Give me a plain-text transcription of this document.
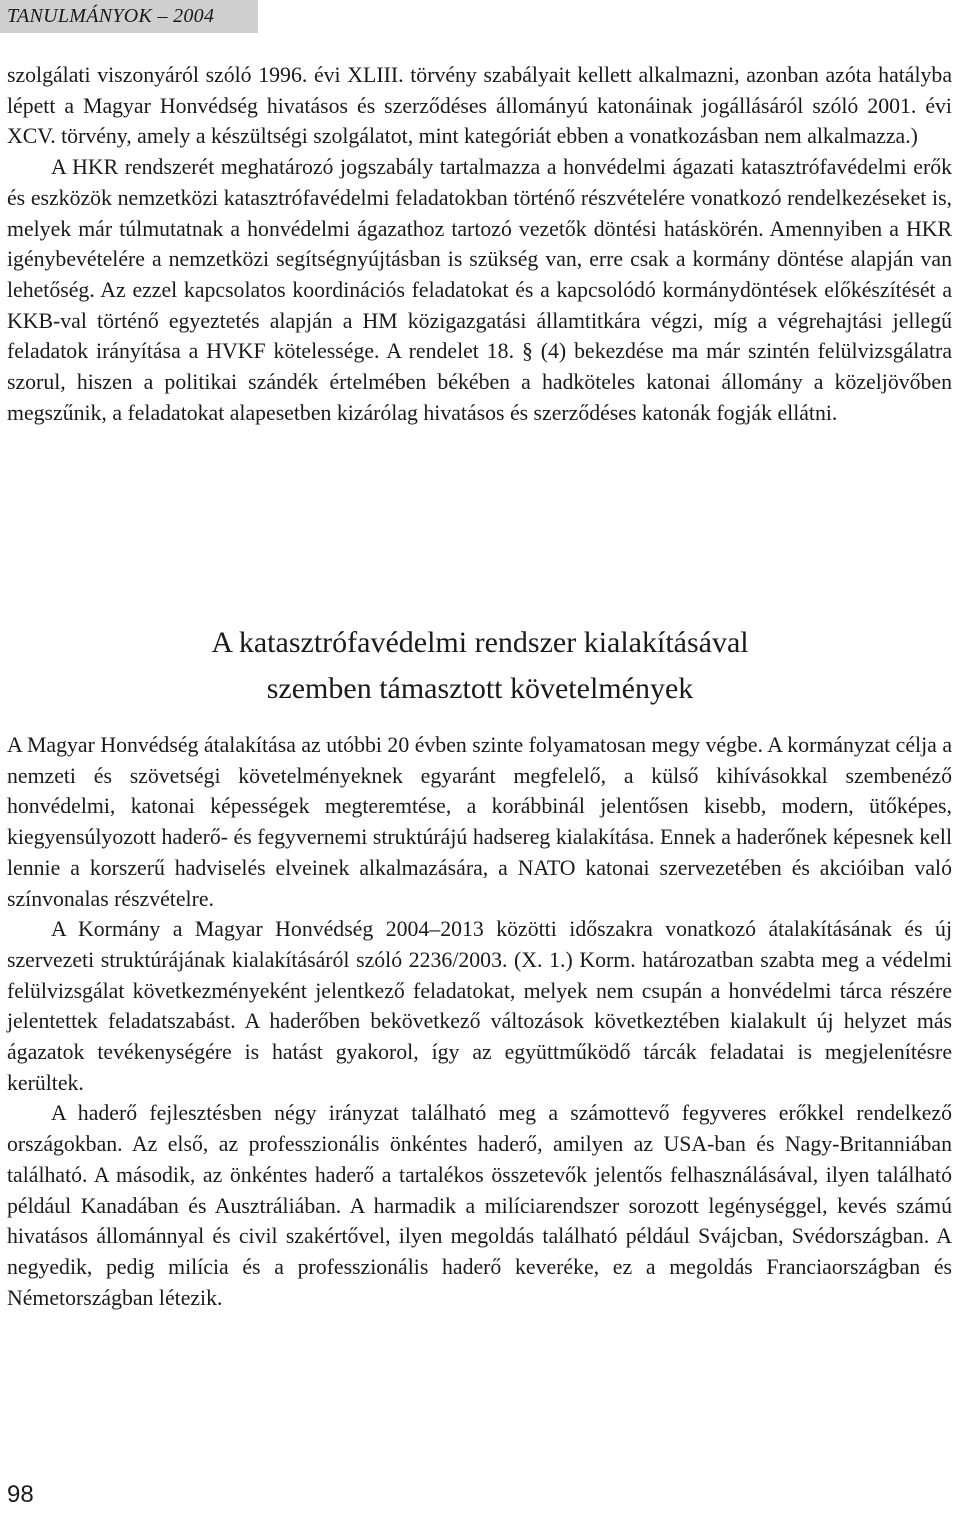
TANULMÁNYOK – 2004

szolgálati viszonyáról szóló 1996. évi XLIII. törvény szabályait kellett alkalmazni, azonban azóta hatályba lépett a Magyar Honvédség hivatásos és szerződéses állományú katonáinak jogállásáról szóló 2001. évi XCV. törvény, amely a készültségi szolgálatot, mint kategóriát ebben a vonatkozásban nem alkalmazza.)

A HKR rendszerét meghatározó jogszabály tartalmazza a honvédelmi ágazati katasztrófavédelmi erők és eszközök nemzetközi katasztrófavédelmi feladatokban történő részvételére vonatkozó rendelkezéseket is, melyek már túlmutatnak a honvédelmi ágazathoz tartozó vezetők döntési hatáskörén. Amennyiben a HKR igénybevételére a nemzetközi segítségnyújtásban is szükség van, erre csak a kormány döntése alapján van lehetőség. Az ezzel kapcsolatos koordinációs feladatokat és a kapcsolódó kormánydöntések előkészítését a KKB-val történő egyeztetés alapján a HM közigazgatási államtitkára végzi, míg a végrehajtási jellegű feladatok irányítása a HVKF kötelessége. A rendelet 18. § (4) bekezdése ma már szintén felülvizsgálatra szorul, hiszen a politikai szándék értelmében békében a hadköteles katonai állomány a közeljövőben megszűnik, a feladatokat alapesetben kizárólag hivatásos és szerződéses katonák fogják ellátni.

A katasztrófavédelmi rendszer kialakításával
szemben támasztott követelmények

A Magyar Honvédség átalakítása az utóbbi 20 évben szinte folyamatosan megy végbe. A kormányzat célja a nemzeti és szövetségi követelményeknek egyaránt megfelelő, a külső kihívásokkal szembenéző honvédelmi, katonai képességek megteremtése, a korábbinál jelentősen kisebb, modern, ütőképes, kiegyensúlyozott haderő- és fegyvernemi struktúrájú hadsereg kialakítása. Ennek a haderőnek képesnek kell lennie a korszerű hadviselés elveinek alkalmazására, a NATO katonai szervezetében és akcióiban való színvonalas részvételre.

A Kormány a Magyar Honvédség 2004–2013 közötti időszakra vonatkozó átalakításának és új szervezeti struktúrájának kialakításáról szóló 2236/2003. (X. 1.) Korm. határozatban szabta meg a védelmi felülvizsgálat következményeként jelentkező feladatokat, melyek nem csupán a honvédelmi tárca részére jelentettek feladatszabást. A haderőben bekövetkező változások következtében kialakult új helyzet más ágazatok tevékenységére is hatást gyakorol, így az együttműködő tárcák feladatai is megjelenítésre kerültek.

A haderő fejlesztésben négy irányzat található meg a számottevő fegyveres erőkkel rendelkező országokban. Az első, az professzionális önkéntes haderő, amilyen az USA-ban és Nagy-Britanniában található. A második, az önkéntes haderő a tartalékos összetevők jelentős felhasználásával, ilyen található például Kanadában és Ausztráliában. A harmadik a milíciarendszer sorozott legénységgel, kevés számú hivatásos állománnyal és civil szakértővel, ilyen megoldás található például Svájcban, Svédországban. A negyedik, pedig milícia és a professzionális haderő keveréke, ez a megoldás Franciaországban és Németországban létezik.

98
